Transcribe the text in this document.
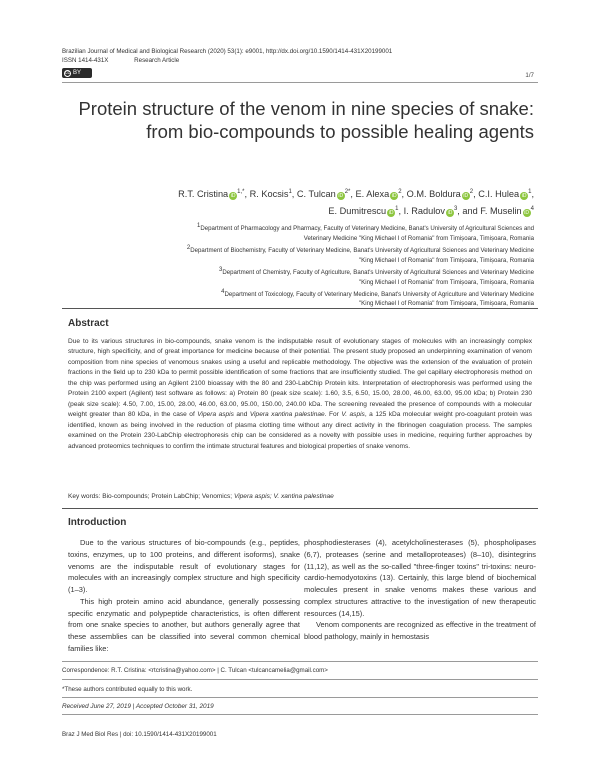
Brazilian Journal of Medical and Biological Research (2020) 53(1): e9001, http://dx.doi.org/10.1590/1414-431X20199001
ISSN 1414-431X	Research Article
cc BY	1/7
Protein structure of the venom in nine species of snake: from bio-compounds to possible healing agents
R.T. Cristina $iD^{1,*}$, R. Kocsis$^1$, C. Tulcan $iD^{2*}$, E. Alexa $iD^2$, O.M. Boldura $iD^2$, C.I. Hulea $iD^1$,
E. Dumitrescu $iD^1$, I. Radulov $iD^3$, and F. Muselin $iD^4$
$^1$Department of Pharmacology and Pharmacy, Faculty of Veterinary Medicine, Banat's University of Agricultural Sciences and
Veterinary Medicine "King Michael I of Romania" from Timișoara, Timișoara, Romania
$^2$Department of Biochemistry, Faculty of Veterinary Medicine, Banat's University of Agricultural Sciences and Veterinary Medicine
"King Michael I of Romania" from Timișoara, Timișoara, Romania
$^3$Department of Chemistry, Faculty of Agriculture, Banat's University of Agricultural Sciences and Veterinary Medicine
"King Michael I of Romania" from Timișoara, Timișoara, Romania
$^4$Department of Toxicology, Faculty of Veterinary Medicine, Banat's University of Agriculture and Veterinary Medicine
"King Michael I of Romania" from Timișoara, Timișoara, Romania
Abstract
Due to its various structures in bio-compounds, snake venom is the indisputable result of evolutionary stages of molecules with an increasingly complex structure, high specificity, and of great importance for medicine because of their potential. The present study proposed an underpinning examination of venom composition from nine species of venomous snakes using a useful and replicable methodology. The objective was the extension of the evaluation of protein fractions in the field up to 230 kDa to permit possible identification of some fractions that are insufficiently studied. The gel capillary electrophoresis method on the chip was performed using an Agilent 2100 bioassay with the 80 and 230-LabChip Protein kits. Interpretation of electrophoresis was performed using the Protein 2100 expert (Agilent) test software as follows: a) Protein 80 (peak size scale): 1.60, 3.5, 6.50, 15.00, 28.00, 46.00, 63.00, 95.00 kDa; b) Protein 230 (peak size scale): 4.50, 7.00, 15.00, 28.00, 46.00, 63.00, 95.00, 150.00, 240.00 kDa. The screening revealed the presence of compounds with a molecular weight greater than 80 kDa, in the case of Vipera aspis and Vipera xantina palestinae. For V. aspis, a 125 kDa molecular weight pro-coagulant protein was identified, known as being involved in the reduction of plasma clotting time without any direct activity in the fibrinogen coagulation process. The samples examined on the Protein 230-LabChip electrophoresis chip can be considered as a novelty with possible uses in medicine, requiring further approaches by advanced proteomics techniques to confirm the intimate structural features and biological properties of snake venoms.
Key words: Bio-compounds; Protein LabChip; Venomics; Vipera aspis; V. xantina palestinae
Introduction

Due to the various structures of bio-compounds (e.g., peptides, toxins, enzymes, up to 100 proteins, and different isoforms), snake venoms are the indisputable result of evolutionary stages for molecules with an increasingly complex structure and high specificity (1–3).

This high protein amino acid abundance, generally possessing specific enzymatic and polypeptide characteristics, is often different from one snake species to another, but authors generally agree that these assemblies can be classified into several common chemical families like:

phosphodiesterases (4), acetylcholinesterases (5), phospholipases (6,7), proteases (serine and metalloproteases) (8–10), disintegrins (11,12), as well as the so-called "three-finger toxins" tri-toxins: neuro-cardio-hemodyotoxins (13). Certainly, this large blend of biochemical molecules present in snake venoms makes these various and complex structures attractive to the investigation of new therapeutic resources (14,15).

Venom components are recognized as effective in the treatment of blood pathology, mainly in hemostasis

Correspondence: R.T. Cristina: <rtcristina@yahoo.com> | C. Tulcan <tulcancamelia@gmail.com>
*These authors contributed equally to this work.
Received June 27, 2019 | Accepted October 31, 2019
Braz J Med Biol Res | doi: 10.1590/1414-431X20199001
